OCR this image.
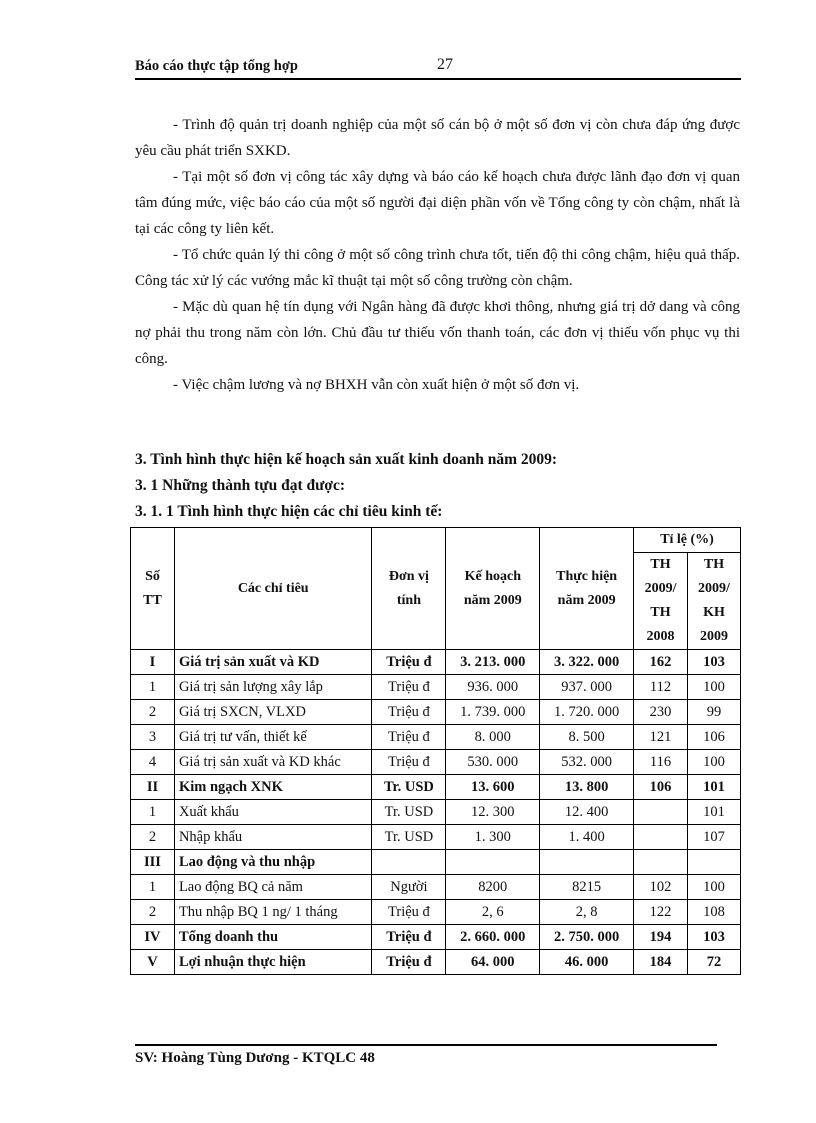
Báo cáo thực tập tổng hợp	27

- Trình độ quản trị doanh nghiệp của một số cán bộ ở một số đơn vị còn chưa đáp ứng được yêu cầu phát triển SXKD.

- Tại một số đơn vị công tác xây dựng và báo cáo kế hoạch chưa được lãnh đạo đơn vị quan tâm đúng mức, việc báo cáo của một số người đại diện phần vốn về Tổng công ty còn chậm, nhất là tại các công ty liên kết.

- Tổ chức quản lý thi công ở một số công trình chưa tốt, tiến độ thi công chậm, hiệu quả thấp. Công tác xử lý các vướng mắc kĩ thuật tại một số công trường còn chậm.

- Mặc dù quan hệ tín dụng với Ngân hàng đã được khơi thông, nhưng giá trị dở dang và công nợ phải thu trong năm còn lớn. Chủ đầu tư thiếu vốn thanh toán, các đơn vị thiếu vốn phục vụ thi công.

- Việc chậm lương và nợ BHXH vẫn còn xuất hiện ở một số đơn vị.

3. Tình hình thực hiện kế hoạch sản xuất kinh doanh năm 2009:
3. 1 Những thành tựu đạt được:
3. 1. 1 Tình hình thực hiện các chỉ tiêu kinh tế:
Số TT	Các chỉ tiêu	Đơn vị tính	Kế hoạch năm 2009	Thực hiện năm 2009	Tỉ lệ (%)	
					TH 2009/ TH 2008	TH 2009/ KH 2009
I	Giá trị sản xuất và KD	Triệu đ	3. 213. 000	3. 322. 000	162	103
1	Giá trị sản lượng xây lắp	Triệu đ	936. 000	937. 000	112	100
2	Giá trị SXCN, VLXD	Triệu đ	1. 739. 000	1. 720. 000	230	99
3	Giá trị tư vấn, thiết kế	Triệu đ	8. 000	8. 500	121	106
4	Giá trị sản xuất và KD khác	Triệu đ	530. 000	532. 000	116	100
II	Kim ngạch XNK	Tr. USD	13. 600	13. 800	106	101
1	Xuất khẩu	Tr. USD	12. 300	12. 400		101
2	Nhập khẩu	Tr. USD	1. 300	1. 400		107
III	Lao động và thu nhập					
1	Lao động BQ cả năm	Người	8200	8215	102	100
2	Thu nhập BQ 1 ng/ 1 tháng	Triệu đ	2, 6	2, 8	122	108
IV	Tổng doanh thu	Triệu đ	2. 660. 000	2. 750. 000	194	103
V	Lợi nhuận thực hiện	Triệu đ	64. 000	46. 000	184	72
SV: Hoàng Tùng Dương - KTQLC 48
